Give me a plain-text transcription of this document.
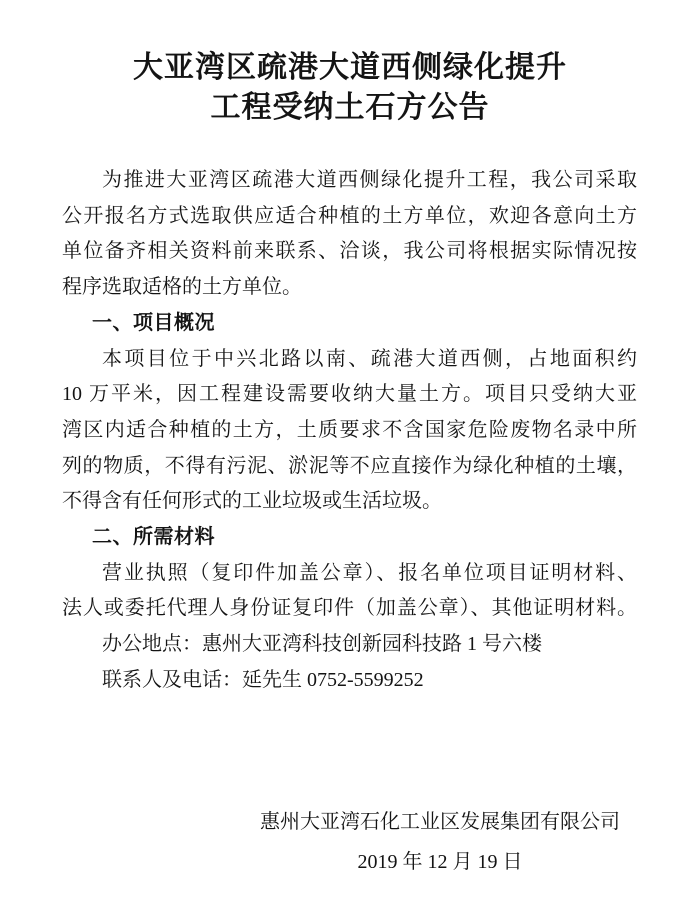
大亚湾区疏港大道西侧绿化提升
工程受纳土石方公告
为推进大亚湾区疏港大道西侧绿化提升工程，我公司采取
公开报名方式选取供应适合种植的土方单位，欢迎各意向土方
单位备齐相关资料前来联系、洽谈，我公司将根据实际情况按
程序选取适格的土方单位。
一、项目概况
本项目位于中兴北路以南、疏港大道西侧，占地面积约
10 万平米，因工程建设需要收纳大量土方。项目只受纳大亚
湾区内适合种植的土方，土质要求不含国家危险废物名录中所
列的物质，不得有污泥、淤泥等不应直接作为绿化种植的土壤，
不得含有任何形式的工业垃圾或生活垃圾。
二、所需材料
营业执照（复印件加盖公章）、报名单位项目证明材料、
法人或委托代理人身份证复印件（加盖公章）、其他证明材料。
办公地点：惠州大亚湾科技创新园科技路 1 号六楼
联系人及电话：延先生 0752-5599252
惠州大亚湾石化工业区发展集团有限公司
2019 年 12 月 19 日
